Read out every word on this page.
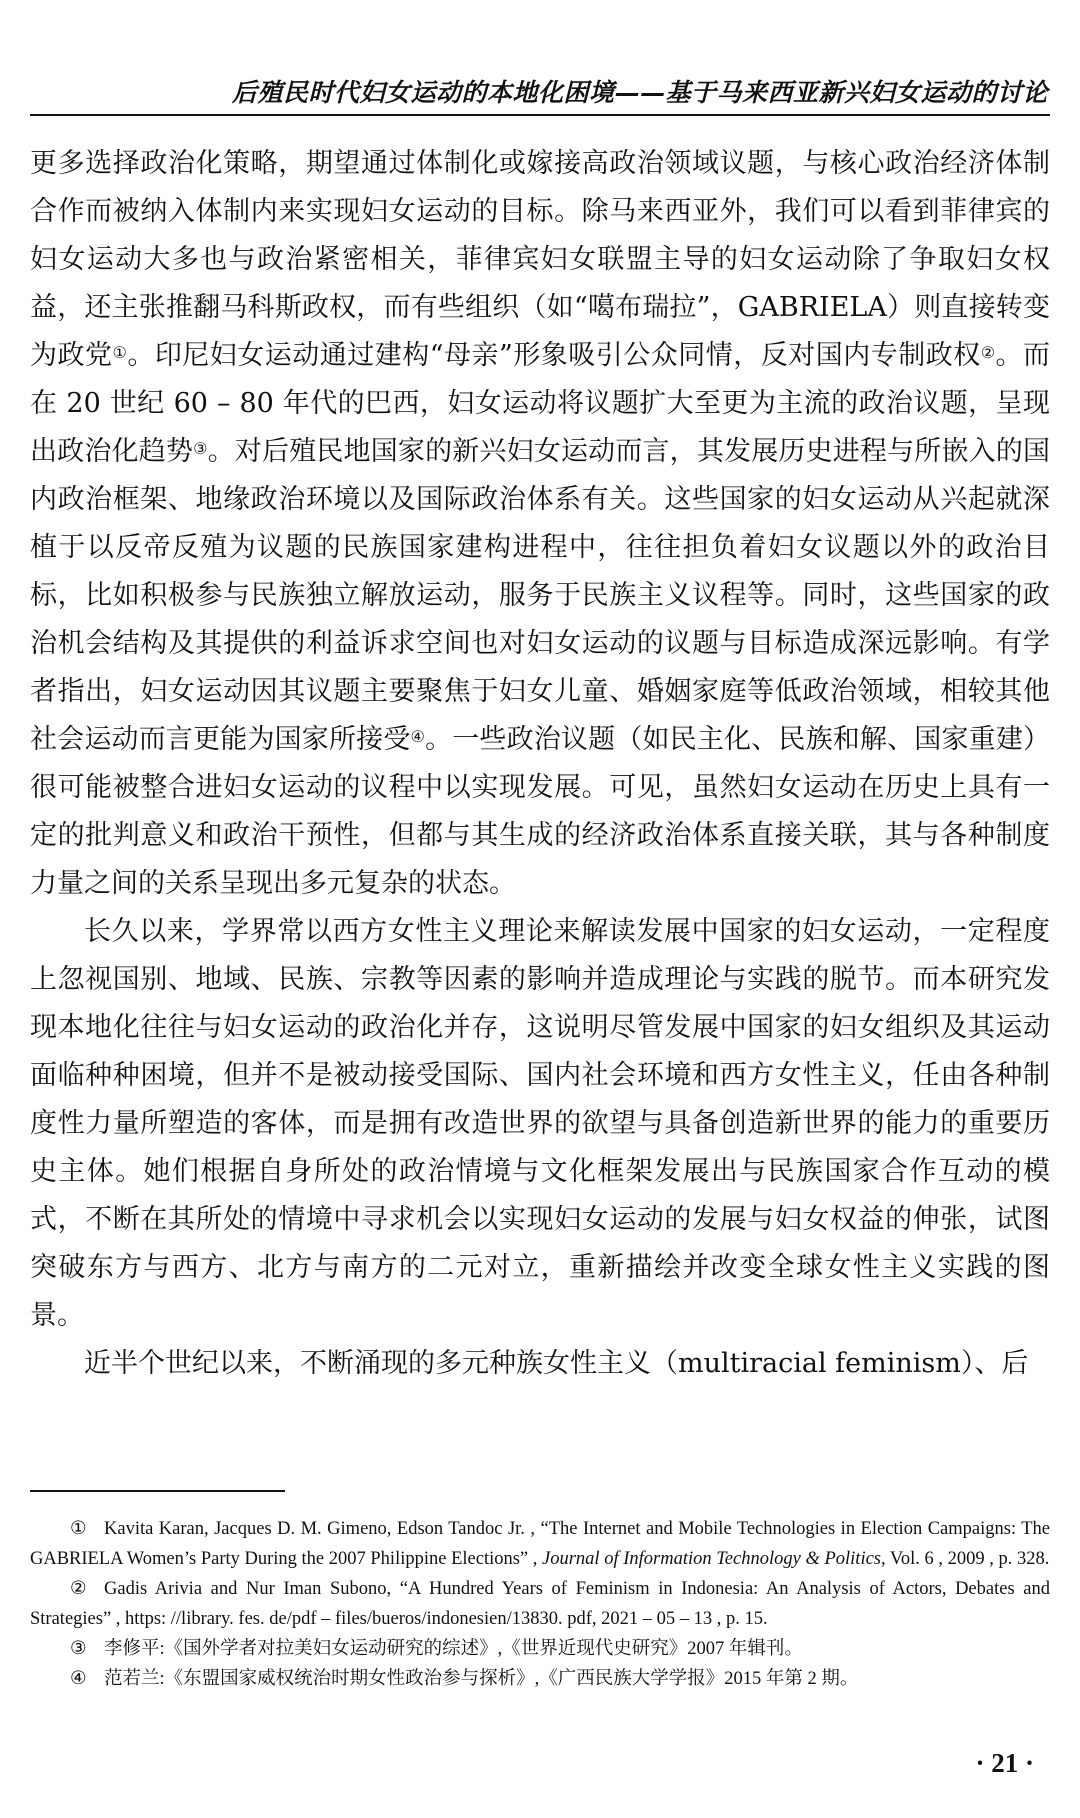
后殖民时代妇女运动的本地化困境——基于马来西亚新兴妇女运动的讨论

更多选择政治化策略，期望通过体制化或嫁接高政治领域议题，与核心政治经济体制合作而被纳入体制内来实现妇女运动的目标。除马来西亚外，我们可以看到菲律宾的妇女运动大多也与政治紧密相关，菲律宾妇女联盟主导的妇女运动除了争取妇女权益，还主张推翻马科斯政权，而有些组织（如“噶布瑞拉”，GABRIELA）则直接转变为政党①。印尼妇女运动通过建构“母亲”形象吸引公众同情，反对国内专制政权②。而在 20 世纪 60 – 80 年代的巴西，妇女运动将议题扩大至更为主流的政治议题，呈现出政治化趋势③。对后殖民地国家的新兴妇女运动而言，其发展历史进程与所嵌入的国内政治框架、地缘政治环境以及国际政治体系有关。这些国家的妇女运动从兴起就深植于以反帝反殖为议题的民族国家建构进程中，往往担负着妇女议题以外的政治目标，比如积极参与民族独立解放运动，服务于民族主义议程等。同时，这些国家的政治机会结构及其提供的利益诉求空间也对妇女运动的议题与目标造成深远影响。有学者指出，妇女运动因其议题主要聚焦于妇女儿童、婚姻家庭等低政治领域，相较其他社会运动而言更能为国家所接受④。一些政治议题（如民主化、民族和解、国家重建）很可能被整合进妇女运动的议程中以实现发展。可见，虽然妇女运动在历史上具有一定的批判意义和政治干预性，但都与其生成的经济政治体系直接关联，其与各种制度力量之间的关系呈现出多元复杂的状态。

长久以来，学界常以西方女性主义理论来解读发展中国家的妇女运动，一定程度上忽视国别、地域、民族、宗教等因素的影响并造成理论与实践的脱节。而本研究发现本地化往往与妇女运动的政治化并存，这说明尽管发展中国家的妇女组织及其运动面临种种困境，但并不是被动接受国际、国内社会环境和西方女性主义，任由各种制度性力量所塑造的客体，而是拥有改造世界的欲望与具备创造新世界的能力的重要历史主体。她们根据自身所处的政治情境与文化框架发展出与民族国家合作互动的模式，不断在其所处的情境中寻求机会以实现妇女运动的发展与妇女权益的伸张，试图突破东方与西方、北方与南方的二元对立，重新描绘并改变全球女性主义实践的图景。

近半个世纪以来，不断涌现的多元种族女性主义（multiracial feminism）、后

① Kavita Karan, Jacques D. M. Gimeno, Edson Tandoc Jr. , “The Internet and Mobile Technologies in Election Campaigns: The GABRIELA Women’s Party During the 2007 Philippine Elections” , Journal of Information Technology & Politics, Vol. 6 , 2009 , p. 328.

② Gadis Arivia and Nur Iman Subono, “A Hundred Years of Feminism in Indonesia: An Analysis of Actors, Debates and Strategies” , https: //library. fes. de/pdf – files/bueros/indonesien/13830. pdf, 2021 – 05 – 13 , p. 15.

③ 李修平:《国外学者对拉美妇女运动研究的综述》,《世界近现代史研究》2007 年辑刊。

④ 范若兰:《东盟国家威权统治时期女性政治参与探析》,《广西民族大学学报》2015 年第 2 期。

· 21 ·
